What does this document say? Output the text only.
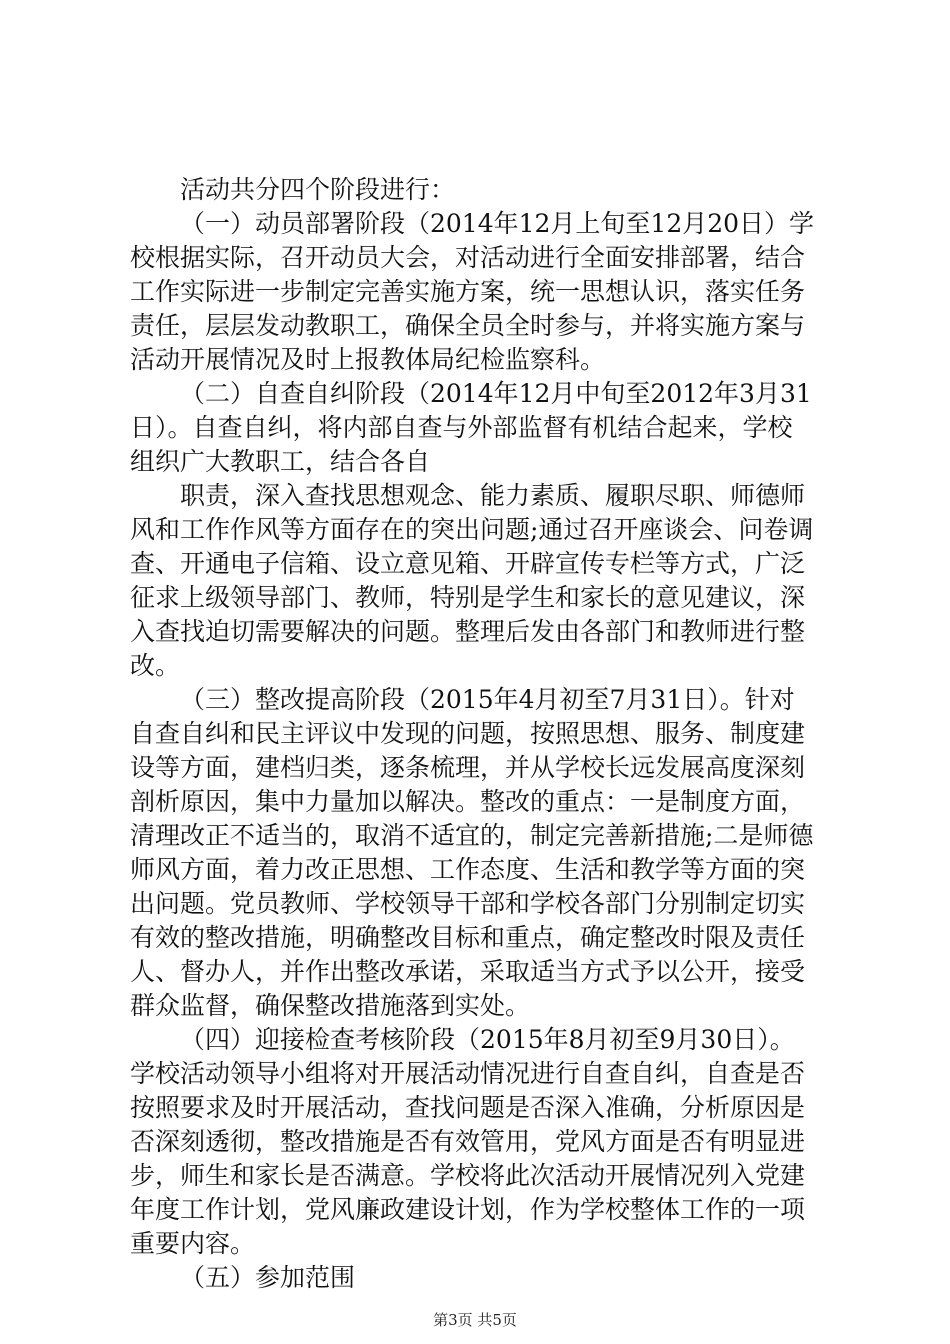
活动共分四个阶段进行：
（一）动员部署阶段（2014年12月上旬至12月20日）学
校根据实际，召开动员大会，对活动进行全面安排部署，结合
工作实际进一步制定完善实施方案，统一思想认识，落实任务
责任，层层发动教职工，确保全员全时参与，并将实施方案与
活动开展情况及时上报教体局纪检监察科。
（二）自查自纠阶段（2014年12月中旬至2012年3月31
日）。自查自纠，将内部自查与外部监督有机结合起来，学校
组织广大教职工，结合各自
职责，深入查找思想观念、能力素质、履职尽职、师德师
风和工作作风等方面存在的突出问题;通过召开座谈会、问卷调
查、开通电子信箱、设立意见箱、开辟宣传专栏等方式，广泛
征求上级领导部门、教师，特别是学生和家长的意见建议，深
入查找迫切需要解决的问题。整理后发由各部门和教师进行整
改。
（三）整改提高阶段（2015年4月初至7月31日）。针对
自查自纠和民主评议中发现的问题，按照思想、服务、制度建
设等方面，建档归类，逐条梳理，并从学校长远发展高度深刻
剖析原因，集中力量加以解决。整改的重点：一是制度方面，
清理改正不适当的，取消不适宜的，制定完善新措施;二是师德
师风方面，着力改正思想、工作态度、生活和教学等方面的突
出问题。党员教师、学校领导干部和学校各部门分别制定切实
有效的整改措施，明确整改目标和重点，确定整改时限及责任
人、督办人，并作出整改承诺，采取适当方式予以公开，接受
群众监督，确保整改措施落到实处。
（四）迎接检查考核阶段（2015年8月初至9月30日）。
学校活动领导小组将对开展活动情况进行自查自纠，自查是否
按照要求及时开展活动，查找问题是否深入准确，分析原因是
否深刻透彻，整改措施是否有效管用，党风方面是否有明显进
步，师生和家长是否满意。学校将此次活动开展情况列入党建
年度工作计划，党风廉政建设计划，作为学校整体工作的一项
重要内容。
（五）参加范围
第3页 共5页
